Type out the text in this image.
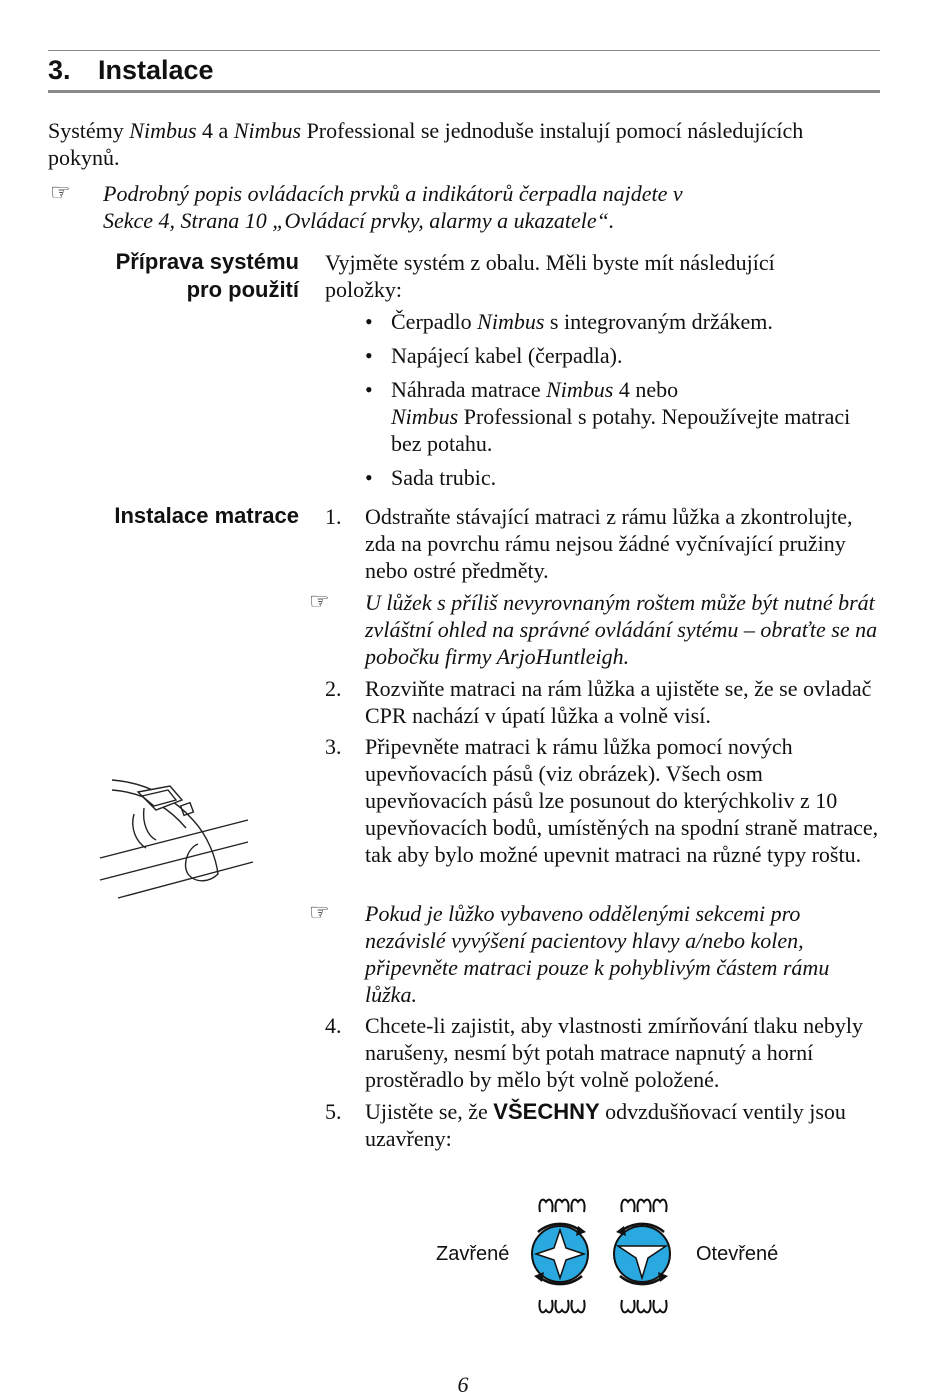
3. Instalace
Systémy Nimbus 4 a Nimbus Professional se jednoduše instalují pomocí následujících pokynů.
☞ Podrobný popis ovládacích prvků a indikátorů čerpadla najdete v
Sekce 4, Strana 10 „Ovládací prvky, alarmy a ukazatele“.
Příprava systému
pro použití
Vyjměte systém z obalu. Měli byste mít následující položky:
• Čerpadlo Nimbus s integrovaným držákem.
• Napájecí kabel (čerpadla).
• Náhrada matrace Nimbus 4 nebo
Nimbus Professional s potahy. Nepoužívejte matraci bez potahu.
• Sada trubic.
Instalace matrace 1. Odstraňte stávající matraci z rámu lůžka a zkontrolujte, zda na povrchu rámu nejsou žádné vyčnívající pružiny nebo ostré předměty.
☞ U lůžek s příliš nevyrovnaným roštem může být nutné brát zvláštní ohled na správné ovládání sytému – obraťte se na pobočku firmy ArjoHuntleigh.
2. Rozviňte matraci na rám lůžka a ujistěte se, že se ovladač CPR nachází v úpatí lůžka a volně visí.
3. Připevněte matraci k rámu lůžka pomocí nových upevňovacích pásů (viz obrázek). Všech osm upevňovacích pásů lze posunout do kterýchkoliv z 10 upevňovacích bodů, umístěných na spodní straně matrace, tak aby bylo možné upevnit matraci na různé typy roštu.
☞ Pokud je lůžko vybaveno oddělenými sekcemi pro nezávislé vyvýšení pacientovy hlavy a/nebo kolen, připevněte matraci pouze k pohyblivým částem rámu lůžka.
4. Chcete-li zajistit, aby vlastnosti zmírňování tlaku nebyly narušeny, nesmí být potah matrace napnutý a horní prostěradlo by mělo být volně položené.
5. Ujistěte se, že VŠECHNY odvzdušňovací ventily jsou uzavřeny:
Zavřené	Otevřené
6
